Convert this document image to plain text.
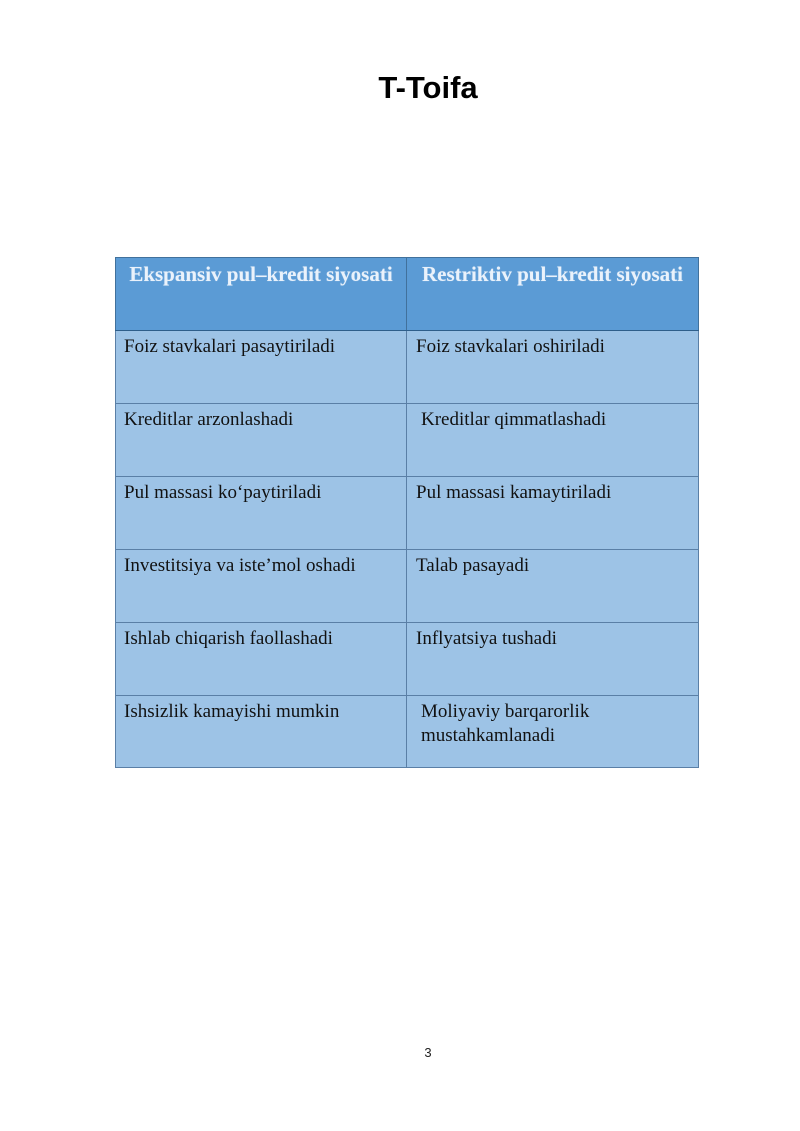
T-Toifa
Ekspansiv pul–kredit siyosati	Restriktiv pul–kredit siyosati
Foiz stavkalari pasaytiriladi	Foiz stavkalari oshiriladi
Kreditlar arzonlashadi	Kreditlar qimmatlashadi
Pul massasi ko‘paytiriladi	Pul massasi kamaytiriladi
Investitsiya va iste’mol oshadi	Talab pasayadi
Ishlab chiqarish faollashadi	Inflyatsiya tushadi
Ishsizlik kamayishi mumkin	Moliyaviy barqarorlik mustahkamlanadi
3
